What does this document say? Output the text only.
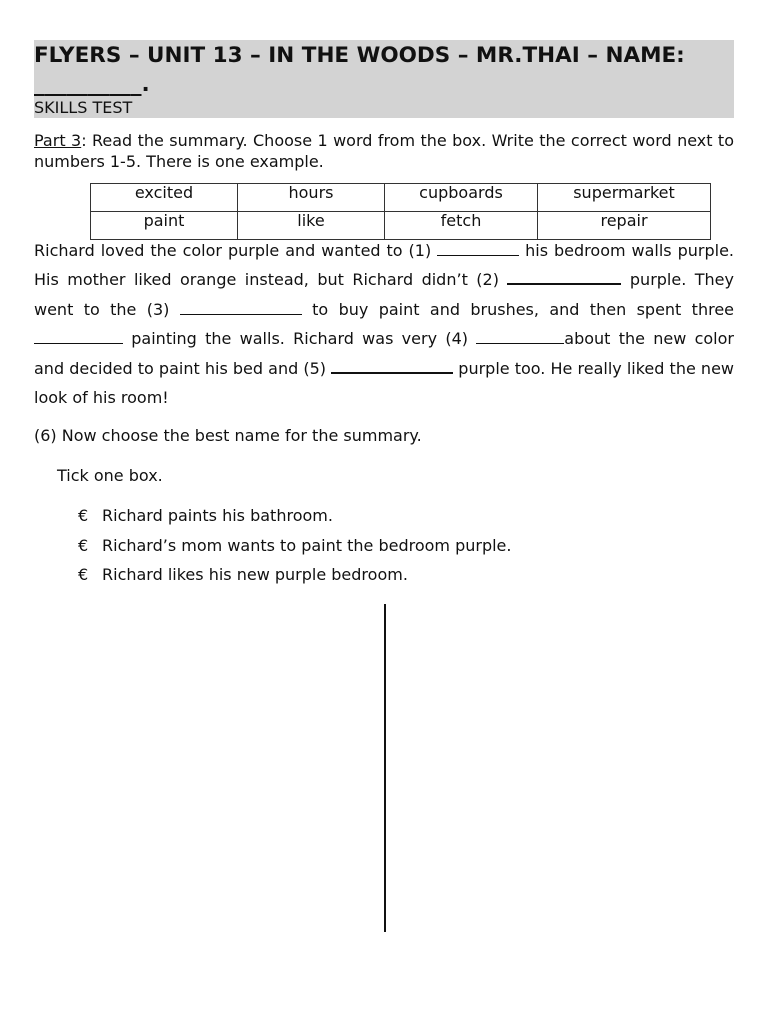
FLYERS – UNIT 13 – IN THE WOODS – MR.THAI – NAME: __________.
SKILLS TEST
Part 3: Read the summary. Choose 1 word from the box. Write the correct word next to numbers 1-5. There is one example.
excited	hours	cupboards	supermarket
paint	like	fetch	repair
Richard loved the color purple and wanted to (1)	his bedroom walls purple. His mother liked orange instead, but Richard didn’t (2)	purple. They went to the (3)	to buy paint and brushes, and then spent three  painting the walls. Richard was very (4)	about the new color and decided to paint his bed and (5)	purple too. He really liked the new look of his room!
(6) Now choose the best name for the summary.
Tick one box.
€ Richard paints his bathroom.
€ Richard’s mom wants to paint the bedroom purple.
€ Richard likes his new purple bedroom.
